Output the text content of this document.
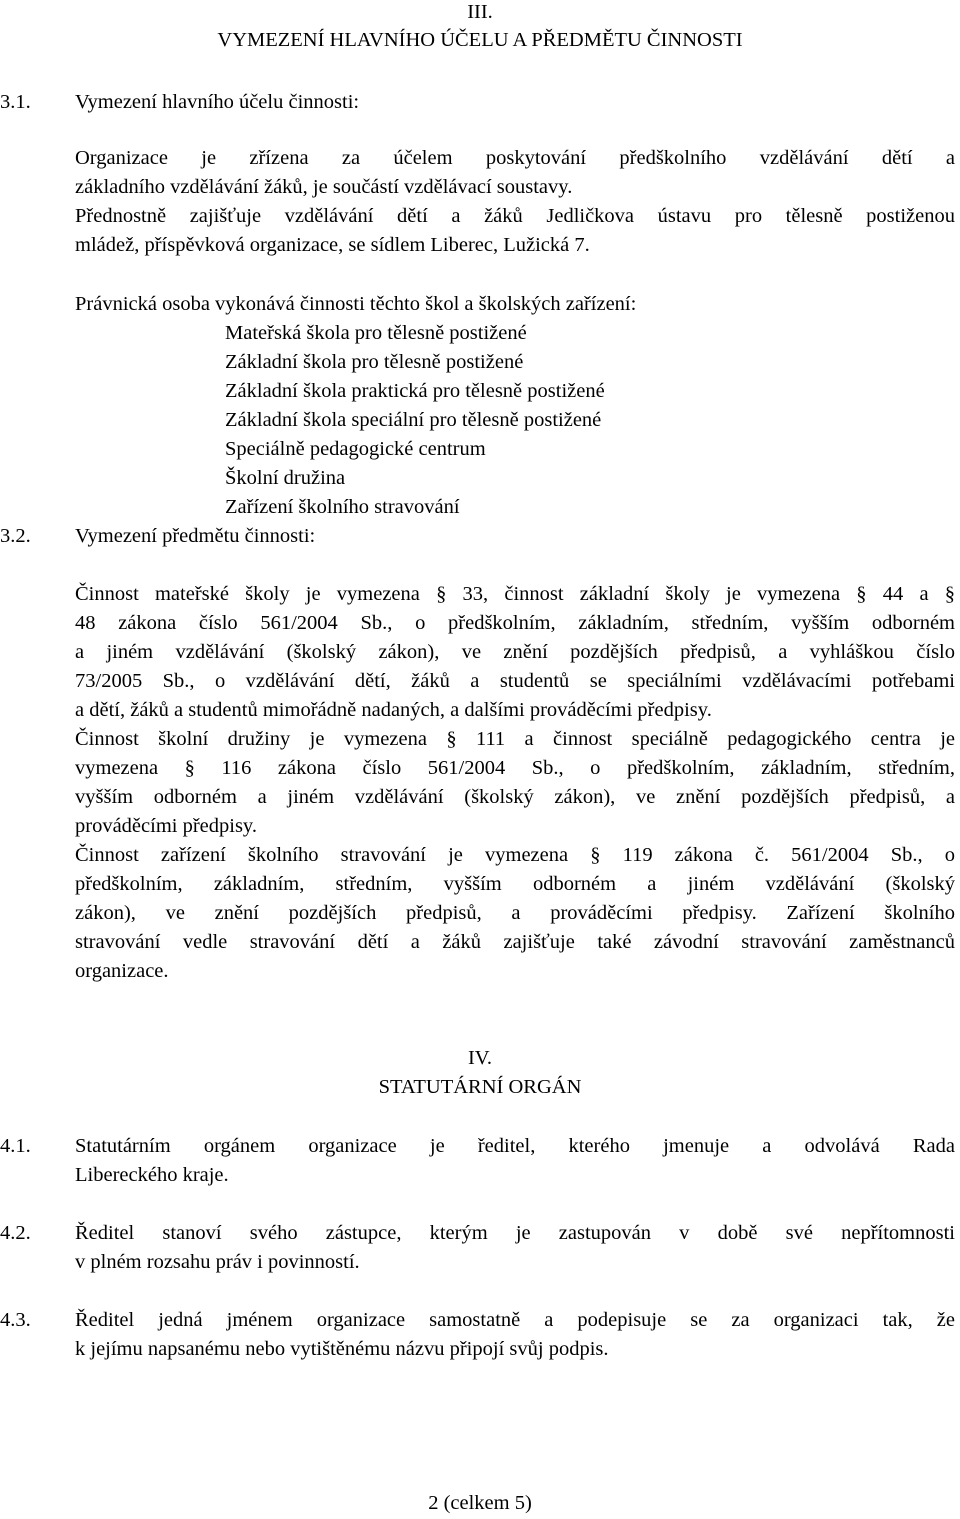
III.
VYMEZENÍ HLAVNÍHO ÚČELU A PŘEDMĚTU ČINNOSTI
3.1. Vymezení hlavního účelu činnosti:

Organizace je zřízena za účelem poskytování předškolního vzdělávání dětí a

základního vzdělávání žáků, je součástí vzdělávací soustavy.

Přednostně zajišťuje vzdělávání dětí a žáků Jedličkova ústavu pro tělesně postiženou

mládež, příspěvková organizace, se sídlem Liberec, Lužická 7.

Právnická osoba vykonává činnosti těchto škol a školských zařízení:
Mateřská škola pro tělesně postižené
Základní škola pro tělesně postižené
Základní škola praktická pro tělesně postižené
Základní škola speciální pro tělesně postižené
Speciálně pedagogické centrum
Školní družina
Zařízení školního stravování
3.2. Vymezení předmětu činnosti:

Činnost mateřské školy je vymezena § 33, činnost základní školy je vymezena § 44 a §

48 zákona číslo 561/2004 Sb., o předškolním, základním, středním, vyšším odborném

a jiném vzdělávání (školský zákon), ve znění pozdějších předpisů, a vyhláškou číslo

73/2005 Sb., o vzdělávání dětí, žáků a studentů se speciálními vzdělávacími potřebami

a dětí, žáků a studentů mimořádně nadaných, a dalšími prováděcími předpisy.

Činnost školní družiny je vymezena § 111 a činnost speciálně pedagogického centra je

vymezena § 116 zákona číslo 561/2004 Sb., o předškolním, základním, středním,

vyšším odborném a jiném vzdělávání (školský zákon), ve znění pozdějších předpisů, a

prováděcími předpisy.

Činnost zařízení školního stravování je vymezena § 119 zákona č. 561/2004 Sb., o

předškolním, základním, středním, vyšším odborném a jiném vzdělávání (školský

zákon), ve znění pozdějších předpisů, a prováděcími předpisy. Zařízení školního

stravování vedle stravování dětí a žáků zajišťuje také závodní stravování zaměstnanců

organizace.

IV.
STATUTÁRNÍ ORGÁN
4.1. Statutárním orgánem organizace je ředitel, kterého jmenuje a odvolává Rada

Libereckého kraje.

4.2. Ředitel stanoví svého zástupce, kterým je zastupován v době své nepřítomnosti

v plném rozsahu práv i povinností.

4.3. Ředitel jedná jménem organizace samostatně a podepisuje se za organizaci tak, že

k jejímu napsanému nebo vytištěnému názvu připojí svůj podpis.

2 (celkem 5)
